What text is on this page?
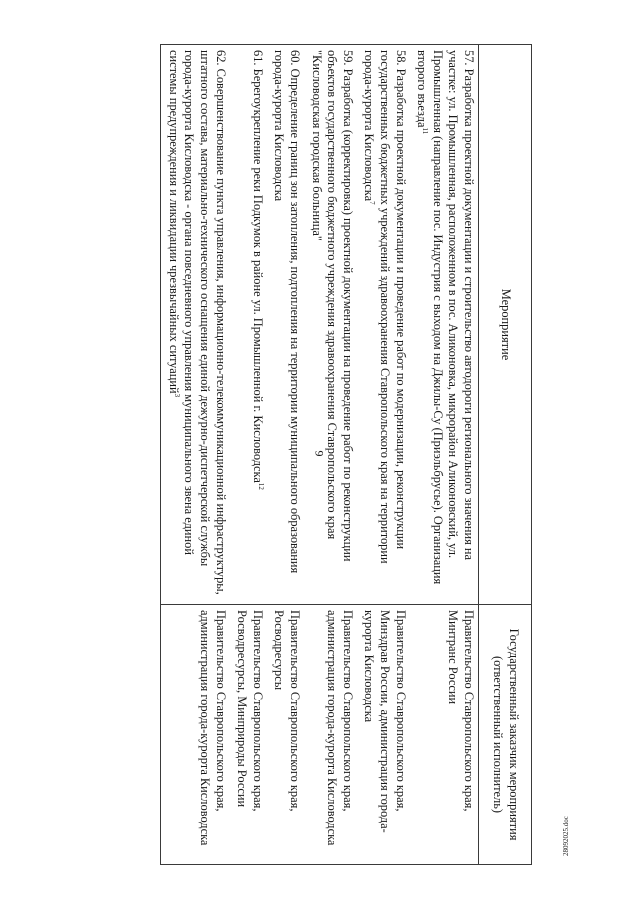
9
28092025.doc
Мероприятие	Государственный заказчик мероприятия (ответственный исполнитель)
57. Разработка проектной документации и строительство автодороги регионального значения на участке: ул. Промышленная, расположенном в пос. Аликоновка, микрорайон Аликоновский, ул. Промышленная (направление пос. Индустрия с выходом на Джилы-Су (Приэльбрусье). Организация второго въезда$^{11}$	Правительство Ставропольского края, Минтранс России
58. Разработка проектной документации и проведение работ по модернизации, реконструкции государственных бюджетных учреждений здравоохранения Ставропольского края на территории города-курорта Кисловодска$^7$	Правительство Ставропольского края, Минздрав России, администрация города-курорта Кисловодска
59. Разработка (корректировка) проектной документации на проведение работ по реконструкции объектов государственного бюджетного учреждения здравоохранения Ставропольского края "Кисловодская городская больница"	Правительство Ставропольского края, администрация города-курорта Кисловодска
60. Определение границ зон затопления, подтопления на территории муниципального образования города-курорта Кисловодска	Правительство Ставропольского края, Росводресурсы
61. Берегоукрепление реки Подкумок в районе ул. Промышленной г. Кисловодска$^{12}$	Правительство Ставропольского края, Росводресурсы, Минприроды России
62. Совершенствование пункта управления, информационно-телекоммуникационной инфраструктуры, штатного состава, материально-технического оснащения единой дежурно-диспетчерской службы города-курорта Кисловодска - органа повседневного управления муниципального звена единой системы предупреждения и ликвидации чрезвычайных ситуаций$^3$	Правительство Ставропольского края, администрация города-курорта Кисловодска
